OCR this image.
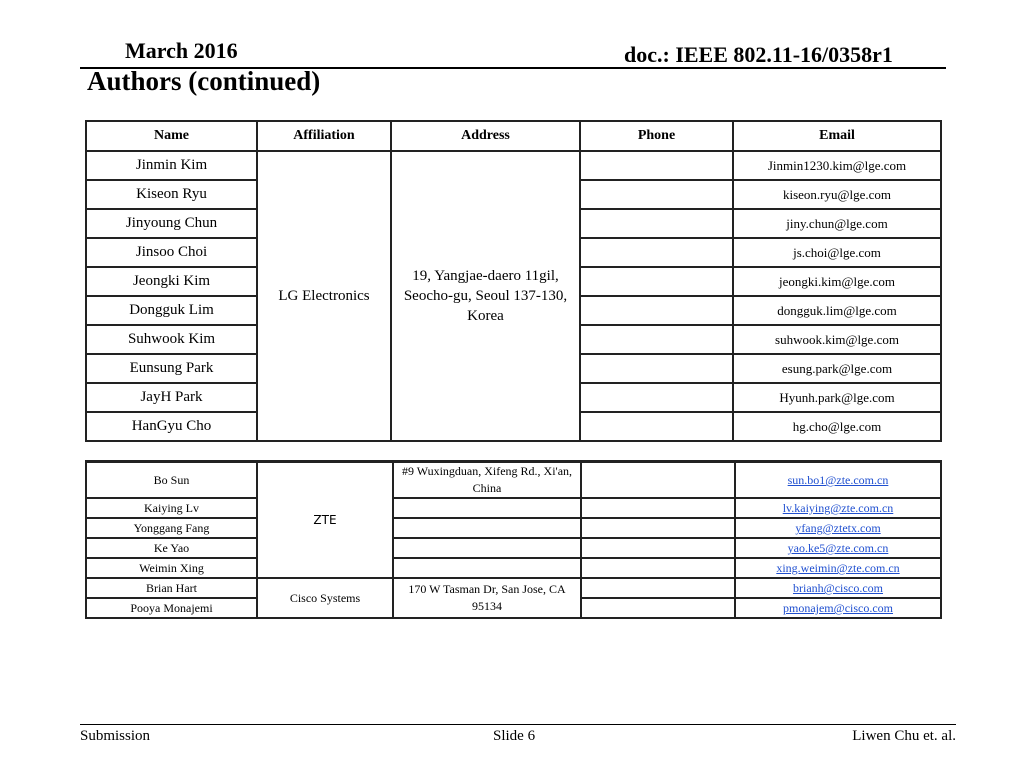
March 2016	doc.: IEEE 802.11-16/0358r1
Authors (continued)
Name	Affiliation	Address	Phone	Email
Jinmin Kim	LG Electronics	19, Yangjae-daero 11gil, Seocho-gu, Seoul 137-130, Korea		Jinmin1230.kim@lge.com
Kiseon Ryu				kiseon.ryu@lge.com
Jinyoung Chun				jiny.chun@lge.com
Jinsoo Choi				js.choi@lge.com
Jeongki Kim				jeongki.kim@lge.com
Dongguk Lim				dongguk.lim@lge.com
Suhwook Kim				suhwook.kim@lge.com
Eunsung Park				esung.park@lge.com
JayH Park				Hyunh.park@lge.com
HanGyu Cho				hg.cho@lge.com
Bo Sun	ZTE	#9 Wuxingduan, Xifeng Rd., Xi'an, China		sun.bo1@zte.com.cn
Kaiying Lv				lv.kaiying@zte.com.cn
Yonggang Fang				yfang@ztetx.com
Ke Yao				yao.ke5@zte.com.cn
Weimin Xing				xing.weimin@zte.com.cn
Brian Hart	Cisco Systems	170 W Tasman Dr, San Jose, CA 95134		brianh@cisco.com
Pooya Monajemi				pmonajem@cisco.com
Submission	Slide 6	Liwen Chu et. al.
